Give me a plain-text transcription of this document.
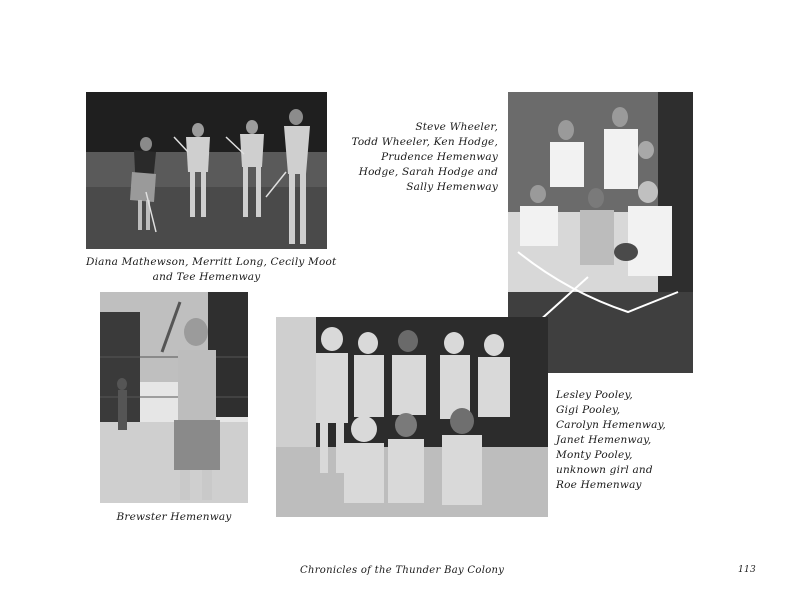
Diana Mathewson, Merritt Long, Cecily Moot
and Tee Hemenway
Steve Wheeler,
Todd Wheeler, Ken Hodge,
Prudence Hemenway
Hodge, Sarah Hodge and
Sally Hemenway
Brewster Hemenway
Lesley Pooley,
Gigi Pooley,
Carolyn Hemenway,
Janet Hemenway,
Monty Pooley,
unknown girl and
Roe Hemenway
Chronicles of the Thunder Bay Colony	113
